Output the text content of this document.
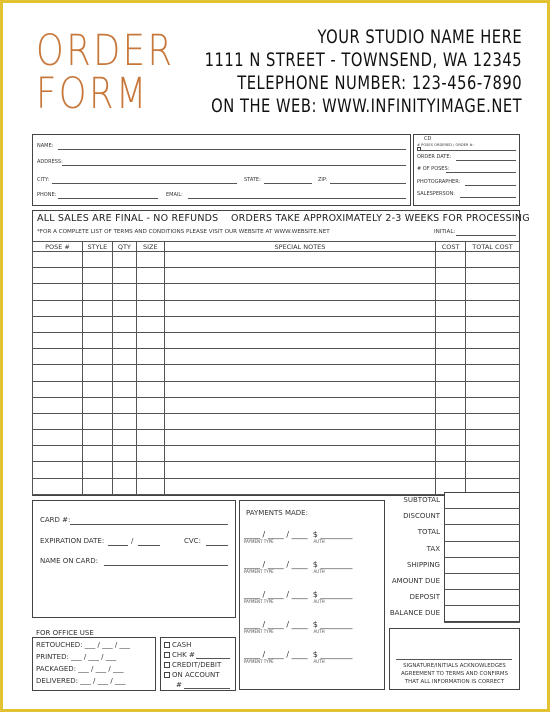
ORDER
FORM
YOUR STUDIO NAME HERE
1111 N STREET - TOWNSEND, WA 12345
TELEPHONE NUMBER: 123-456-7890
ON THE WEB: WWW.INFINITYIMAGE.NET
NAME:
ADDRESS:
CITY:	STATE:	ZIP:
PHONE:	EMAIL:
CD
# POSES ORDERED / ORDER #:
ORDER DATE:
# OF POSES:
PHOTOGRAPHER:
SALESPERSON:
ALL SALES ARE FINAL - NO REFUNDS ORDERS TAKE APPROXIMATELY 2-3 WEEKS FOR PROCESSING
*FOR A COMPLETE LIST OF TERMS AND CONDITIONS PLEASE VISIT OUR WEBSITE AT WWW.WEBSITE.NET	INITIAL:
POSE #	STYLE	QTY	SIZE	SPECIAL NOTES	COST	TOTAL COST

CARD #:
EXPIRATION DATE:	/	CVC:
NAME ON CARD:
PAYMENTS MADE:
____ / ____ / ____  $ ________
PAYMENT TYPE	AUTH
____ / ____ / ____  $ ________
PAYMENT TYPE	AUTH
____ / ____ / ____  $ ________
PAYMENT TYPE	AUTH
____ / ____ / ____  $ ________
PAYMENT TYPE	AUTH
____ / ____ / ____  $ ________
PAYMENT TYPE	AUTH
SUBTOTAL
DISCOUNT
TOTAL
TAX
SHIPPING
AMOUNT DUE
DEPOSIT
BALANCE DUE
FOR OFFICE USE
RETOUCHED: ___ / ___ / ___
PRINTED: ___ / ___ / ___
PACKAGED: ___ / ___ / ___
DELIVERED: ___ / ___ / ___
CASH
CHK #
CREDIT/DEBIT
ON ACCOUNT
#
SIGNATURE/INITIALS ACKNOWLEDGES
AGREEMENT TO TERMS AND CONFIRMS
THAT ALL INFORMATION IS CORRECT
